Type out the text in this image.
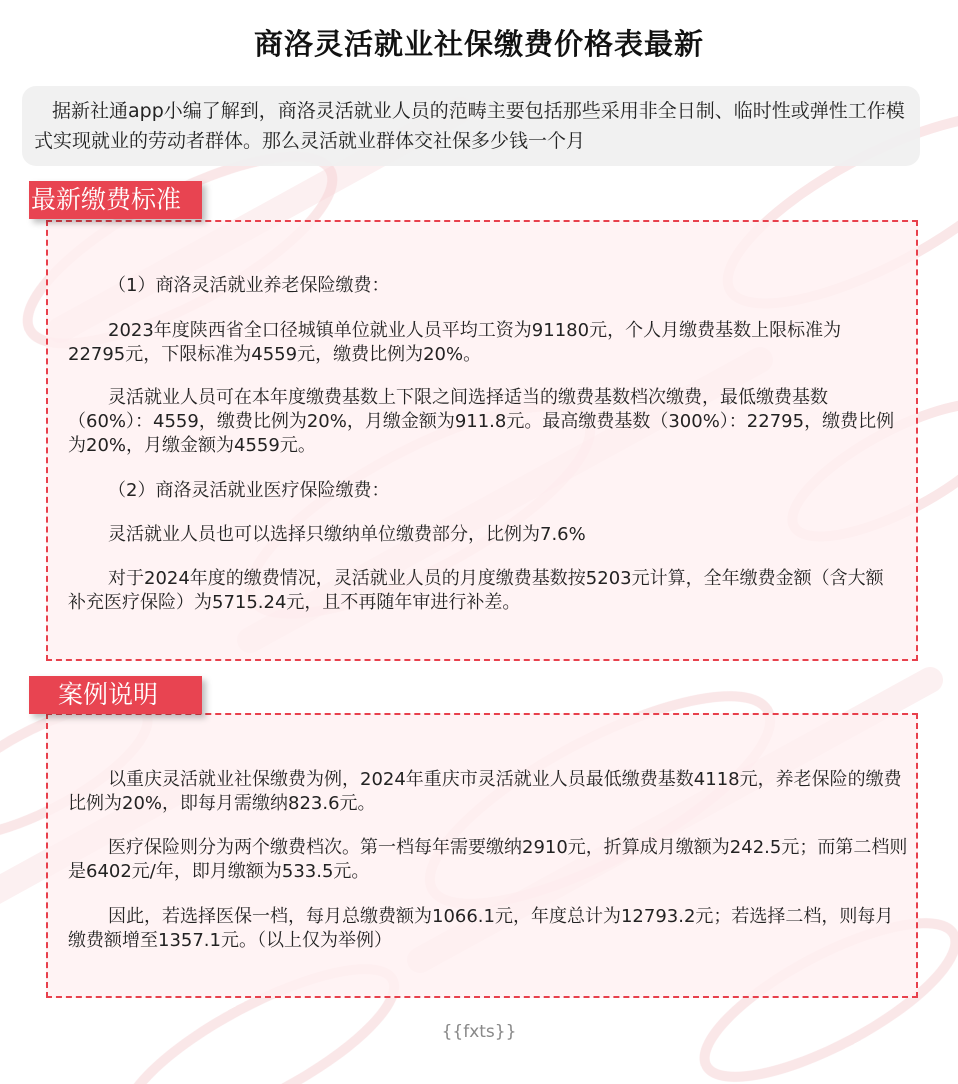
商洛灵活就业社保缴费价格表最新
据新社通app小编了解到，商洛灵活就业人员的范畴主要包括那些采用非全日制、临时性或弹性工作模式实现就业的劳动者群体。那么灵活就业群体交社保多少钱一个月
最新缴费标准

（1）商洛灵活就业养老保险缴费：

2023年度陕西省全口径城镇单位就业人员平均工资为91180元，个人月缴费基数上限标准为22795元，下限标准为4559元，缴费比例为20%。

灵活就业人员可在本年度缴费基数上下限之间选择适当的缴费基数档次缴费，最低缴费基数（60%）：4559，缴费比例为20%，月缴金额为911.8元。最高缴费基数（300%）：22795，缴费比例为20%，月缴金额为4559元。

（2）商洛灵活就业医疗保险缴费：

灵活就业人员也可以选择只缴纳单位缴费部分，比例为7.6%

对于2024年度的缴费情况，灵活就业人员的月度缴费基数按5203元计算，全年缴费金额（含大额补充医疗保险）为5715.24元，且不再随年审进行补差。

案例说明

以重庆灵活就业社保缴费为例，2024年重庆市灵活就业人员最低缴费基数4118元，养老保险的缴费比例为20%，即每月需缴纳823.6元。

医疗保险则分为两个缴费档次。第一档每年需要缴纳2910元，折算成月缴额为242.5元；而第二档则是6402元/年，即月缴额为533.5元。

因此，若选择医保一档，每月总缴费额为1066.1元，年度总计为12793.2元；若选择二档，则每月缴费额增至1357.1元。（以上仅为举例）

{{fxts}}
